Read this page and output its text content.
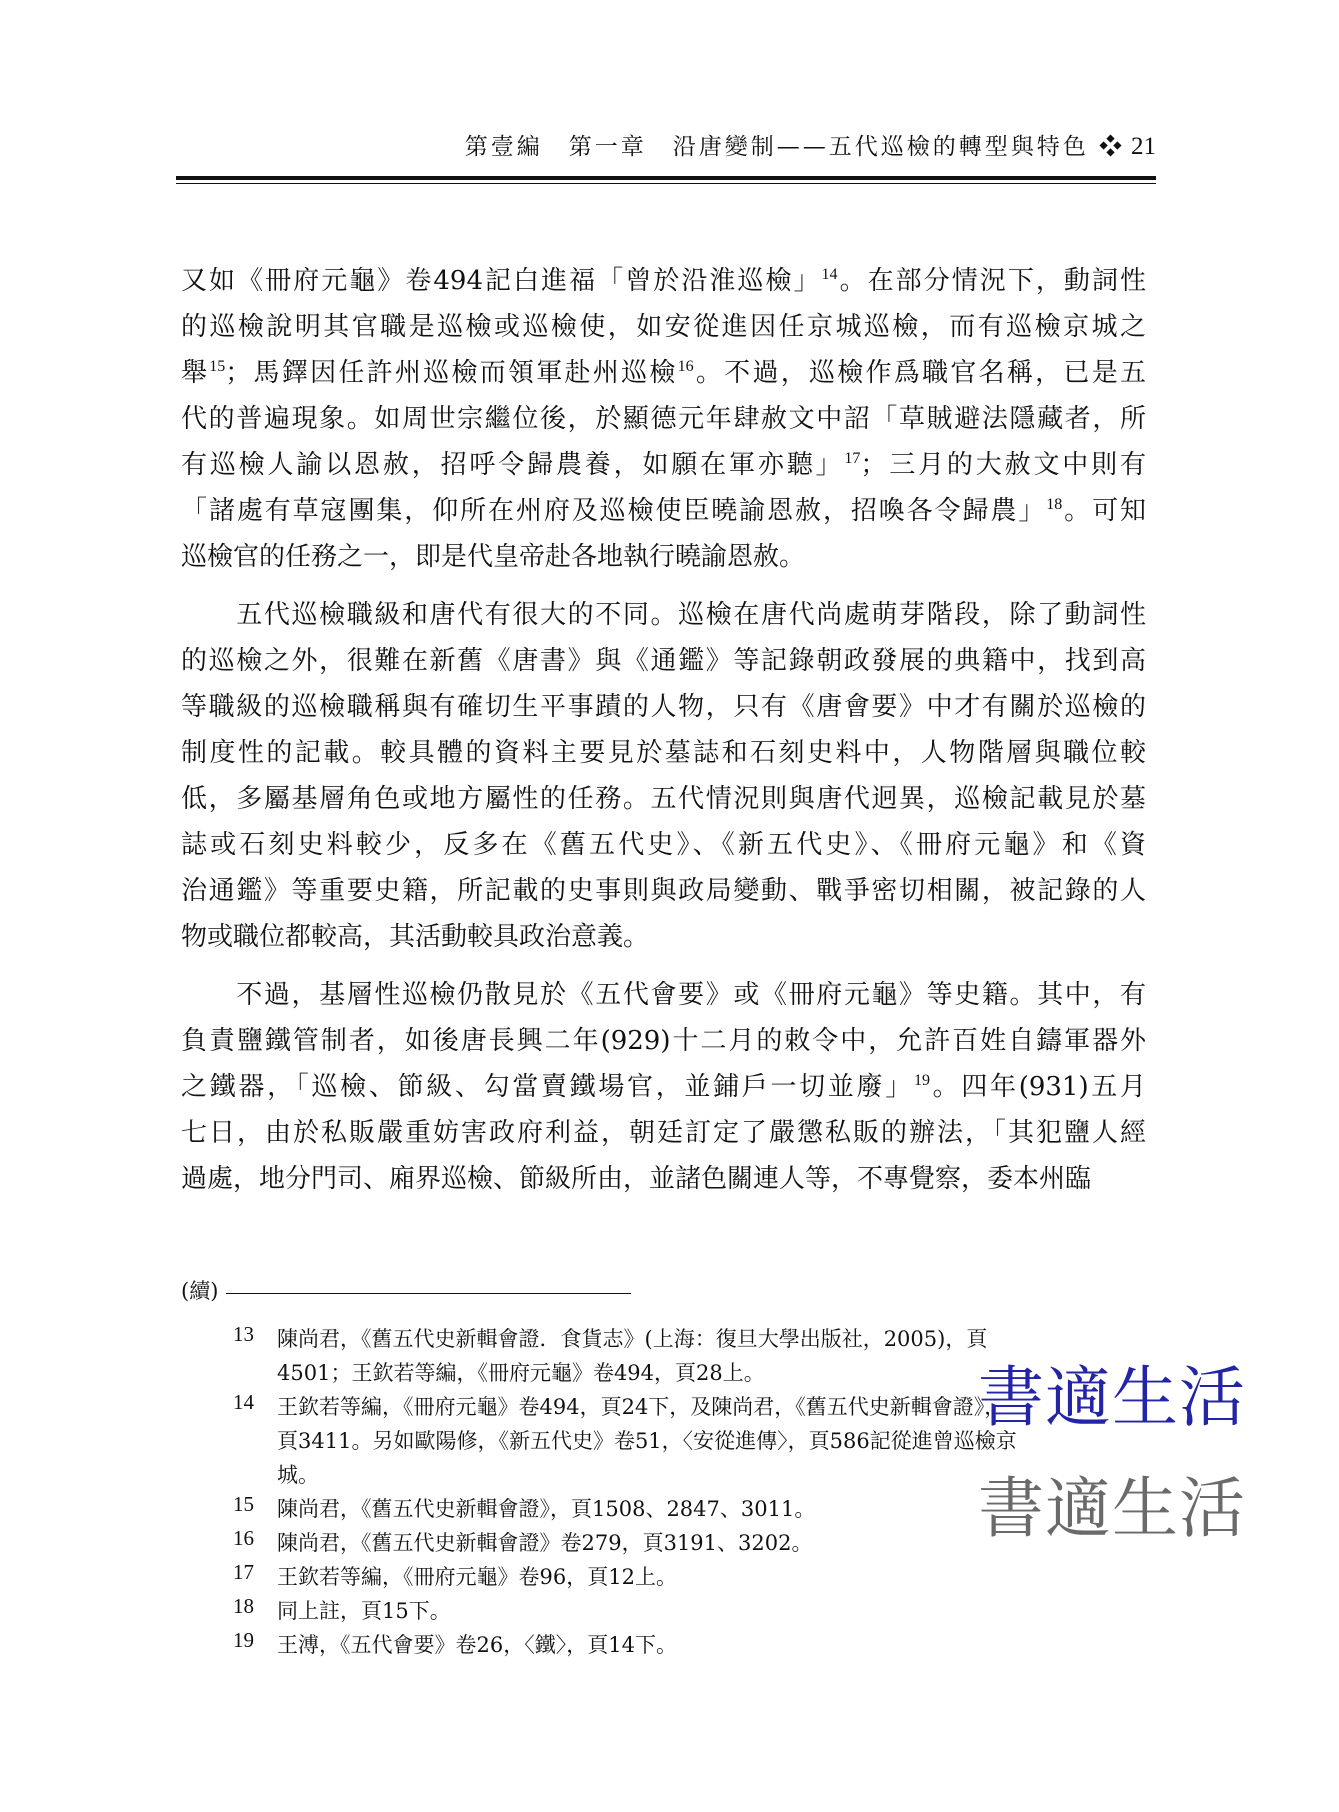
第壹編　第一章　沿唐變制——五代巡檢的轉型與特色 ❖ 21
又如《冊府元龜》卷494記白進福「曾於沿淮巡檢」$^{14}$。在部分情況下，動詞性
的巡檢說明其官職是巡檢或巡檢使，如安從進因任京城巡檢，而有巡檢京城之
舉$^{15}$；馬鐸因任許州巡檢而領軍赴州巡檢$^{16}$。不過，巡檢作爲職官名稱，已是五
代的普遍現象。如周世宗繼位後，於顯德元年肆赦文中詔「草賊避法隱藏者，所
有巡檢人諭以恩赦，招呼令歸農養，如願在軍亦聽」$^{17}$；三月的大赦文中則有
「諸處有草寇團集，仰所在州府及巡檢使臣曉諭恩赦，招喚各令歸農」$^{18}$。可知
巡檢官的任務之一，即是代皇帝赴各地執行曉諭恩赦。
　　五代巡檢職級和唐代有很大的不同。巡檢在唐代尚處萌芽階段，除了動詞性
的巡檢之外，很難在新舊《唐書》與《通鑑》等記錄朝政發展的典籍中，找到高
等職級的巡檢職稱與有確切生平事蹟的人物，只有《唐會要》中才有關於巡檢的
制度性的記載。較具體的資料主要見於墓誌和石刻史料中，人物階層與職位較
低，多屬基層角色或地方屬性的任務。五代情況則與唐代迥異，巡檢記載見於墓
誌或石刻史料較少，反多在《舊五代史》、《新五代史》、《冊府元龜》和《資
治通鑑》等重要史籍，所記載的史事則與政局變動、戰爭密切相關，被記錄的人
物或職位都較高，其活動較具政治意義。
　　不過，基層性巡檢仍散見於《五代會要》或《冊府元龜》等史籍。其中，有
負責鹽鐵管制者，如後唐長興二年(929)十二月的敕令中，允許百姓自鑄軍器外
之鐵器，「巡檢、節級、勾當賣鐵場官，並鋪戶一切並廢」$^{19}$。四年(931)五月
七日，由於私販嚴重妨害政府利益，朝廷訂定了嚴懲私販的辦法，「其犯鹽人經
過處，地分門司、廂界巡檢、節級所由，並諸色關連人等，不專覺察，委本州臨
(續)
13 陳尚君，《舊五代史新輯會證．食貨志》(上海：復旦大學出版社，2005)，頁
4501；王欽若等編，《冊府元龜》卷494，頁28上。
14 王欽若等編，《冊府元龜》卷494，頁24下，及陳尚君，《舊五代史新輯會證》，
頁3411。另如歐陽修，《新五代史》卷51，〈安從進傳〉，頁586記從進曾巡檢京
城。
15 陳尚君，《舊五代史新輯會證》，頁1508、2847、3011。
16 陳尚君，《舊五代史新輯會證》卷279，頁3191、3202。
17 王欽若等編，《冊府元龜》卷96，頁12上。
18 同上註，頁15下。
19 王溥，《五代會要》卷26，〈鐵〉，頁14下。
書適生活
書適生活
